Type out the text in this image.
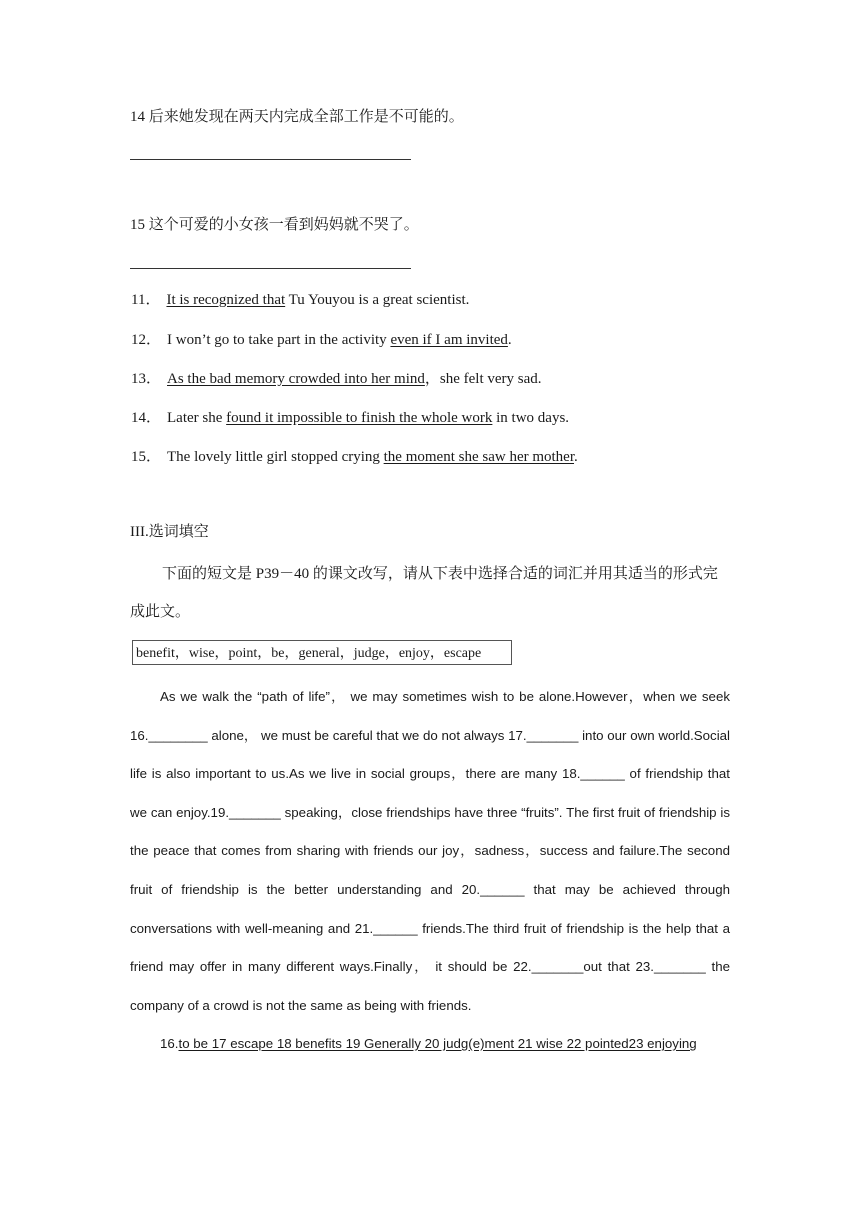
14 后来她发现在两天内完成全部工作是不可能的。
15 这个可爱的小女孩一看到妈妈就不哭了。
11． It is recognized that Tu Youyou is a great scientist.
12． I won’t go to take part in the activity even if I am invited.
13． As the bad memory crowded into her mind，she felt very sad.
14． Later she found it impossible to finish the whole work in two days.
15． The lovely little girl stopped crying the moment she saw her mother.
III.选词填空
下面的短文是 P39－40 的课文改写，请从下表中选择合适的词汇并用其适当的形式完成此文。
benefit，wise，point，be，general，judge，enjoy，escape

As we walk the “path of life”， we may sometimes wish to be alone.However，when we seek 16.________ alone， we must be careful that we do not always 17._______ into our own world.Social life is also important to us.As we live in social groups，there are many 18.______ of friendship that we can enjoy.19._______ speaking，close friendships have three “fruits”. The first fruit of friendship is the peace that comes from sharing with friends our joy，sadness，success and failure.The second fruit of friendship is the better understanding and 20.______ that may be achieved through conversations with well-meaning and 21.______ friends.The third fruit of friendship is the help that a friend may offer in many different ways.Finally， it should be 22._______out that 23._______ the company of a crowd is not the same as being with friends.

16.to be 17 escape 18 benefits 19 Generally 20 judg(e)ment 21 wise 22 pointed23 enjoying
